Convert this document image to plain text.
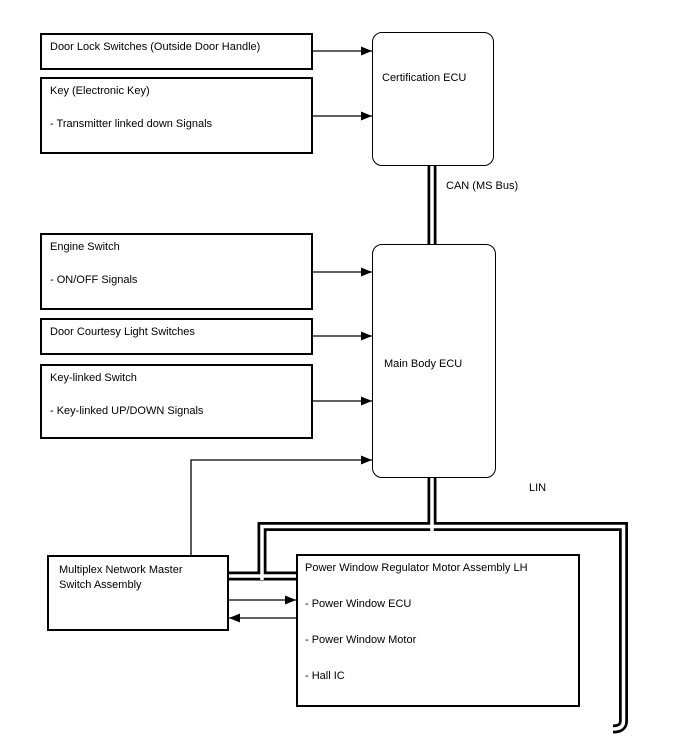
Door Lock Switches (Outside Door Handle)
Key (Electronic Key)
- Transmitter linked down Signals
Engine Switch
- ON/OFF Signals
Door Courtesy Light Switches
Key-linked Switch
- Key-linked UP/DOWN Signals
Certification ECU
Main Body ECU
Multiplex Network Master
Switch Assembly
Power Window Regulator Motor Assembly LH
- Power Window ECU
- Power Window Motor
- Hall IC
CAN (MS Bus)
LIN
